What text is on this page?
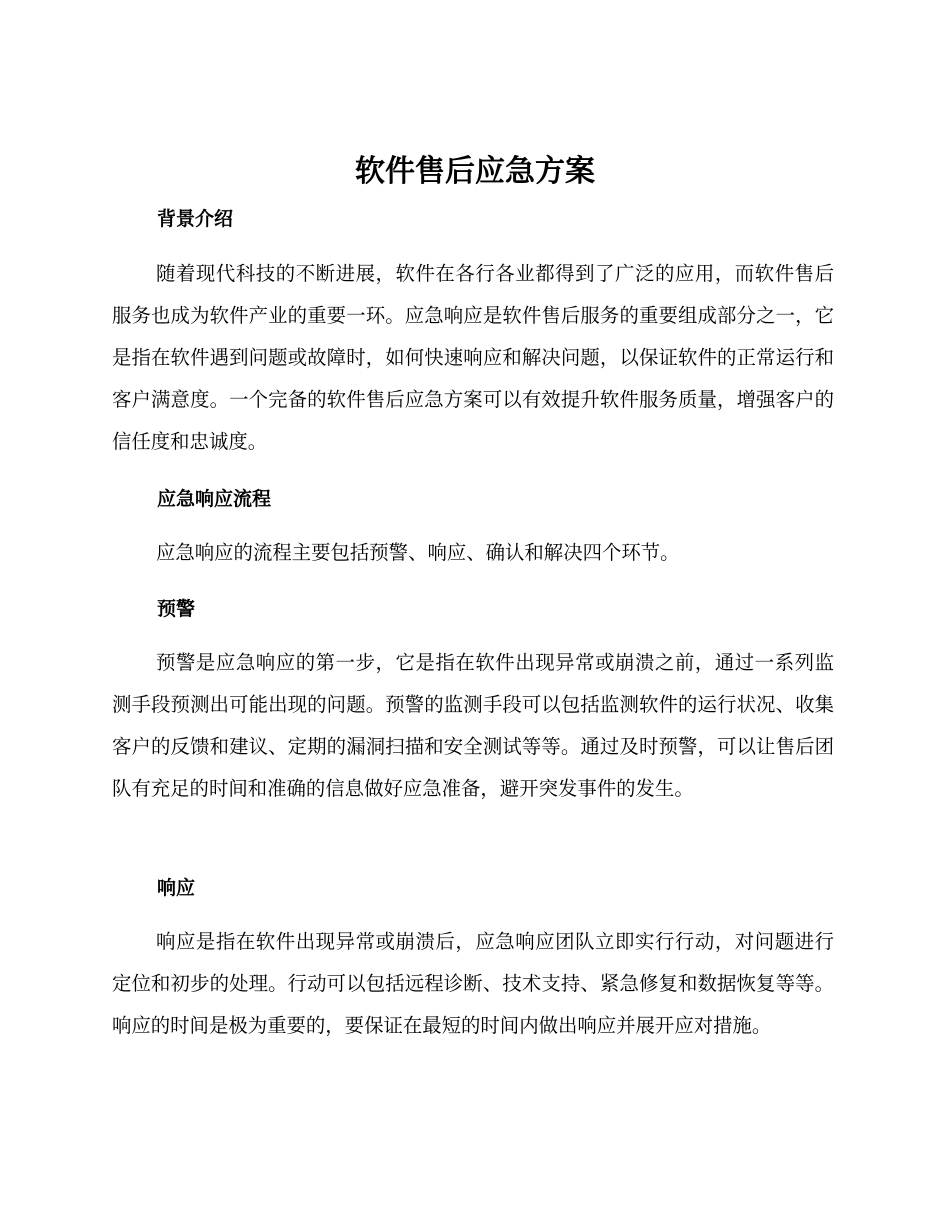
软件售后应急方案
背景介绍

随着现代科技的不断进展，软件在各行各业都得到了广泛的应用，而软件售后服务也成为软件产业的重要一环。应急响应是软件售后服务的重要组成部分之一，它是指在软件遇到问题或故障时，如何快速响应和解决问题，以保证软件的正常运行和客户满意度。一个完备的软件售后应急方案可以有效提升软件服务质量，增强客户的信任度和忠诚度。

应急响应流程

应急响应的流程主要包括预警、响应、确认和解决四个环节。

预警

预警是应急响应的第一步，它是指在软件出现异常或崩溃之前，通过一系列监测手段预测出可能出现的问题。预警的监测手段可以包括监测软件的运行状况、收集客户的反馈和建议、定期的漏洞扫描和安全测试等等。通过及时预警，可以让售后团队有充足的时间和准确的信息做好应急准备，避开突发事件的发生。

响应

响应是指在软件出现异常或崩溃后，应急响应团队立即实行行动，对问题进行定位和初步的处理。行动可以包括远程诊断、技术支持、紧急修复和数据恢复等等。响应的时间是极为重要的，要保证在最短的时间内做出响应并展开应对措施。
